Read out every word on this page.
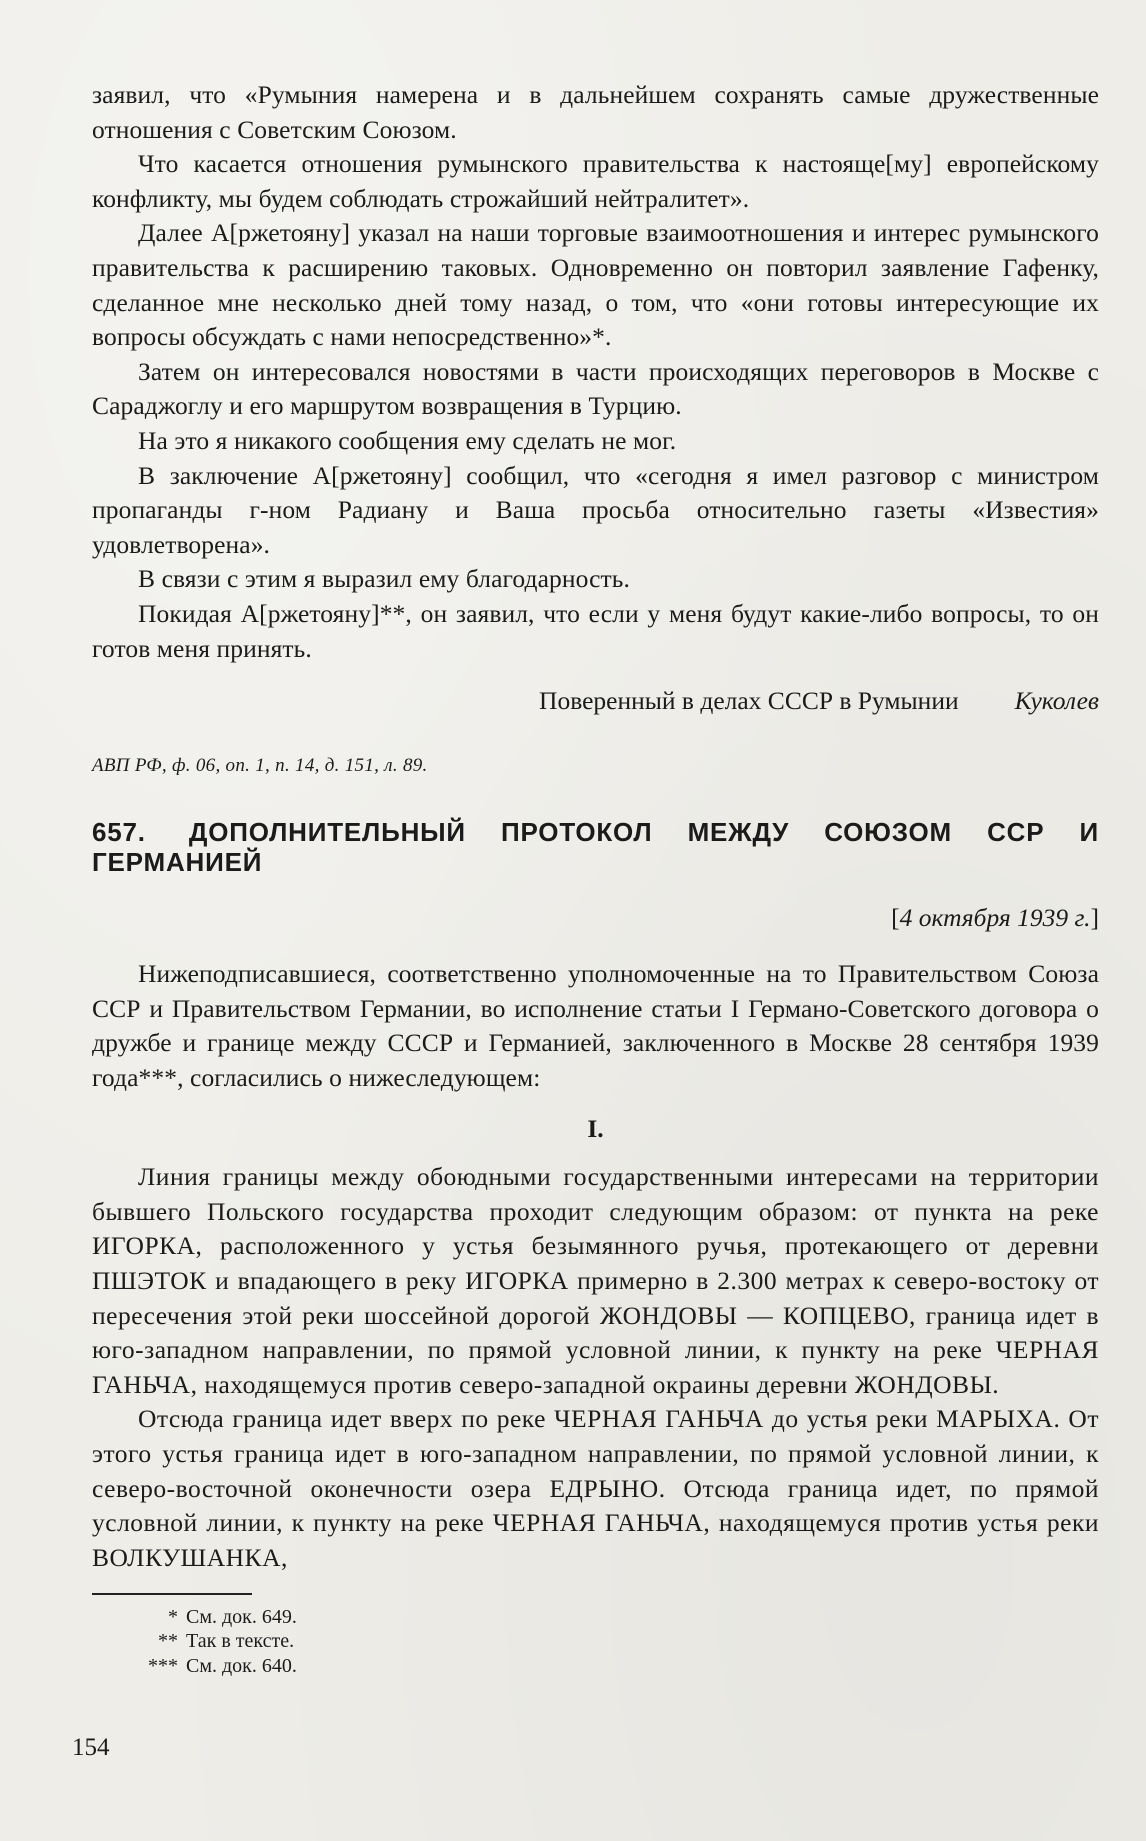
заявил, что «Румыния намерена и в дальнейшем сохранять самые дружественные отношения с Советским Союзом.

Что касается отношения румынского правительства к настояще[му] европейскому конфликту, мы будем соблюдать строжайший нейтралитет».

Далее А[ржетояну] указал на наши торговые взаимоотношения и интерес румынского правительства к расширению таковых. Одновременно он повторил заявление Гафенку, сделанное мне несколько дней тому назад, о том, что «они готовы интересующие их вопросы обсуждать с нами непосредственно»*.

Затем он интересовался новостями в части происходящих переговоров в Москве с Сараджоглу и его маршрутом возвращения в Турцию.

На это я никакого сообщения ему сделать не мог.

В заключение А[ржетояну] сообщил, что «сегодня я имел разговор с министром пропаганды г-ном Радиану и Ваша просьба относительно газеты «Известия» удовлетворена».

В связи с этим я выразил ему благодарность.

Покидая А[ржетояну]**, он заявил, что если у меня будут какие-либо вопросы, то он готов меня принять.

Поверенный в делах СССР в Румынии Куколев
АВП РФ, ф. 06, оп. 1, п. 14, д. 151, л. 89.
657. ДОПОЛНИТЕЛЬНЫЙ ПРОТОКОЛ МЕЖДУ СОЮЗОМ ССР И ГЕРМАНИЕЙ
[4 октября 1939 г.]

Нижеподписавшиеся, соответственно уполномоченные на то Правительством Союза ССР и Правительством Германии, во исполнение статьи I Германо-Советского договора о дружбе и границе между СССР и Германией, заключенного в Москве 28 сентября 1939 года***, согласились о нижеследующем:

I.

Линия границы между обоюдными государственными интересами на территории бывшего Польского государства проходит следующим образом: от пункта на реке ИГОРКА, расположенного у устья безымянного ручья, протекающего от деревни ПШЭТОК и впадающего в реку ИГОРКА примерно в 2.300 метрах к северо-востоку от пересечения этой реки шоссейной дорогой ЖОНДОВЫ — КОПЦЕВО, граница идет в юго-западном направлении, по прямой условной линии, к пункту на реке ЧЕРНАЯ ГАНЬЧА, находящемуся против северо-западной окраины деревни ЖОНДОВЫ.

Отсюда граница идет вверх по реке ЧЕРНАЯ ГАНЬЧА до устья реки МАРЫХА. От этого устья граница идет в юго-западном направлении, по прямой условной линии, к северо-восточной оконечности озера ЕДРЫНО. Отсюда граница идет, по прямой условной линии, к пункту на реке ЧЕРНАЯ ГАНЬЧА, находящемуся против устья реки ВОЛКУШАНКА,

* См. док. 649.
** Так в тексте.
*** См. док. 640.
154
